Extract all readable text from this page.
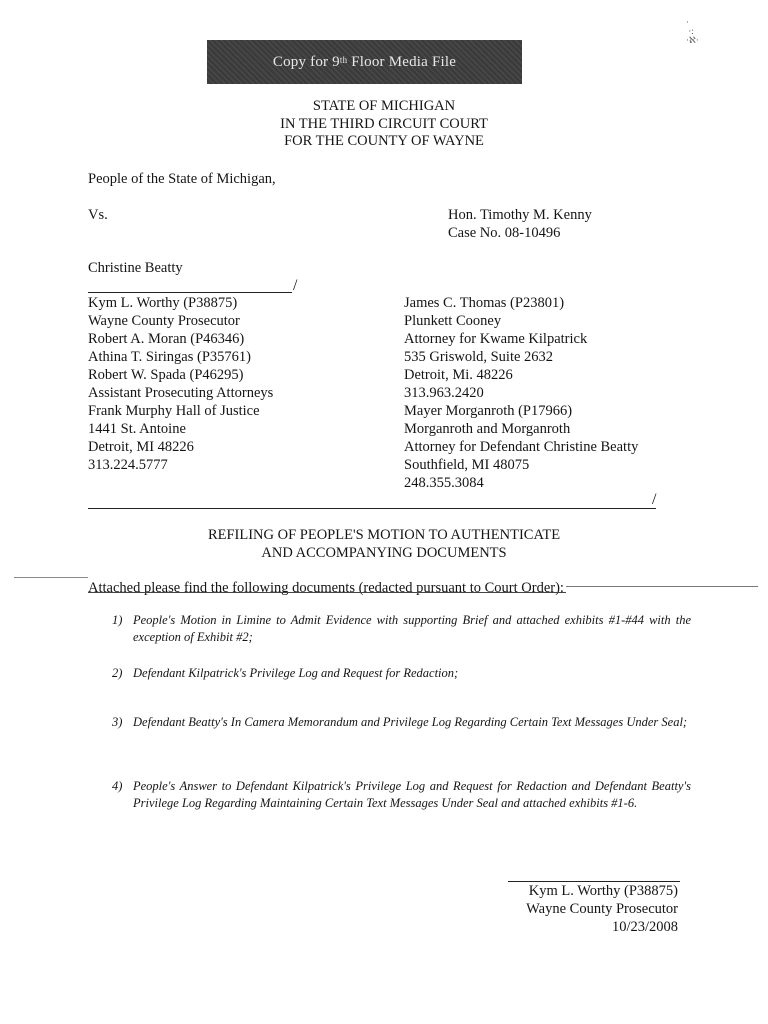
·
·:
·ℵ·
Copy for 9th Floor Media File
STATE OF MICHIGAN
IN THE THIRD CIRCUIT COURT
FOR THE COUNTY OF WAYNE
People of the State of Michigan,
Vs.	Hon. Timothy M. Kenny
Case No. 08-10496
Christine Beatty
/
Kym L. Worthy (P38875)
Wayne County Prosecutor
Robert A. Moran (P46346)
Athina T. Siringas (P35761)
Robert W. Spada (P46295)
Assistant Prosecuting Attorneys
Frank Murphy Hall of Justice
1441 St. Antoine
Detroit, MI 48226
313.224.5777
James C. Thomas (P23801)
Plunkett Cooney
Attorney for Kwame Kilpatrick
535 Griswold, Suite 2632
Detroit, Mi. 48226
313.963.2420
Mayer Morganroth (P17966)
Morganroth and Morganroth
Attorney for Defendant Christine Beatty
Southfield, MI 48075
248.355.3084
/
REFILING OF PEOPLE'S MOTION TO AUTHENTICATE
AND ACCOMPANYING DOCUMENTS
Attached please find the following documents (redacted pursuant to Court Order):
1) People's Motion in Limine to Admit Evidence with supporting Brief and attached exhibits #1-#44 with the exception of Exhibit #2;
2) Defendant Kilpatrick's Privilege Log and Request for Redaction;
3) Defendant Beatty's In Camera Memorandum and Privilege Log Regarding Certain Text Messages Under Seal;
4) People's Answer to Defendant Kilpatrick's Privilege Log and Request for Redaction and Defendant Beatty's Privilege Log Regarding Maintaining Certain Text Messages Under Seal and attached exhibits #1-6.
Kym L. Worthy (P38875)
Wayne County Prosecutor
10/23/2008
